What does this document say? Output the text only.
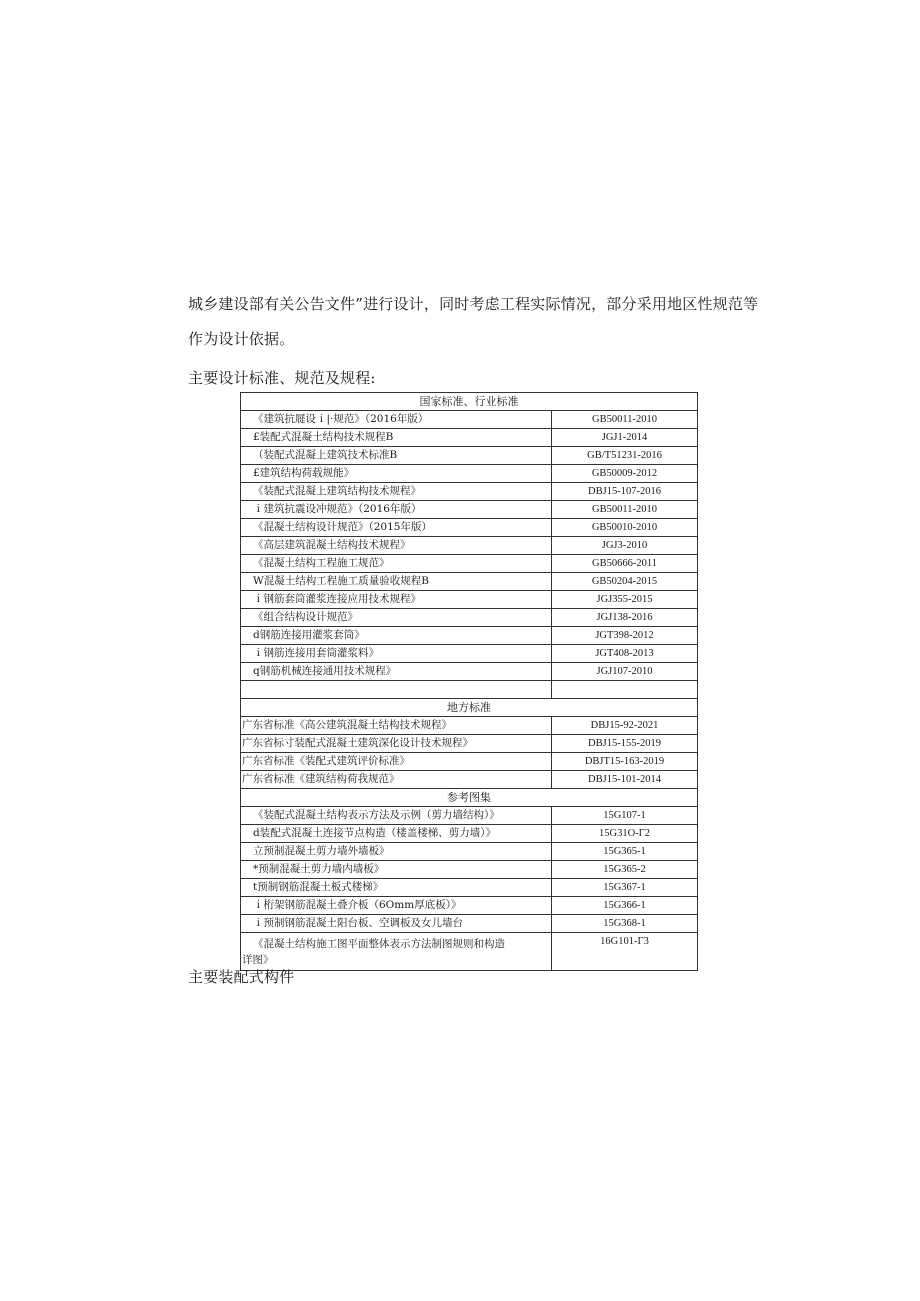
城乡建设部有关公告文件”进行设计，同时考虑工程实际情况，部分采用地区性规范等
作为设计依据。
主要设计标准、规范及规程:
国家标准、行业标准	
《建筑抗屣设ｉ|·规范》（2016年版）	GB50011-2010
£装配式混凝土结构技术规程B	JGJ1-2014
（装配式混凝上建筑技术标准B	GB/T51231-2016
£建筑结构荷载规能》	GB50009-2012
《装配式混凝上建筑结构技术规程》	DBJ15-107-2016
ｉ建筑抗震设冲规范》（2016年版）	GB50011-2010
《混凝土结构设计规范》（2015年版）	GB50010-2010
《高层建筑混凝土结构技术规程》	JGJ3-2010
《混凝土结构工程施工规范》	GB50666-2011
W混凝土结构工程施工质量验收规程B	GB50204-2015
ｉ钢筋套筒灌浆连接应用技术规程》	JGJ355-2015
《组合结构设计规范》	JGJ138-2016
d钢筋连接用灌浆套筒》	JGT398-2012
ｉ钢筋连接用套筒灌浆料》	JGT408-2013
q钢筋机械连接通用技术规程》	JGJ107-2010

地方标准	
广东省标准《高公建筑混凝土结构技术规程》	DBJ15-92-2021
广东省标寸装配式混凝土建筑深化设计技术规程》	DBJ15-155-2019
广东省标准《装配式建筑评价标准》	DBJT15-163-2019
广东省标准《建筑结构荷我规范》	DBJ15-101-2014
参考图集	
《装配式混凝土结构表示方法及示例（剪力墙结构）》	15G107-1
d装配式混凝土连接节点构造（楼盖楼梯、剪力墙）》	15G31O-Γ2
立预制混凝土剪力墙外墙板》	15G365-1
*预制混凝土剪力墙内墙板》	15G365-2
t预制钢筋混凝土板式楼梯》	15G367-1
ｉ桁架钢筋混凝土叠介板（6Omm厚底板）》	15G366-1
ｉ预制钢筋混凝土阳台板、空调板及女儿墙台	15G368-1
《混凝土结构施工图平面整体表示方法制图规则和构造
详图》	16G101-Γ3
主要装配式构件
